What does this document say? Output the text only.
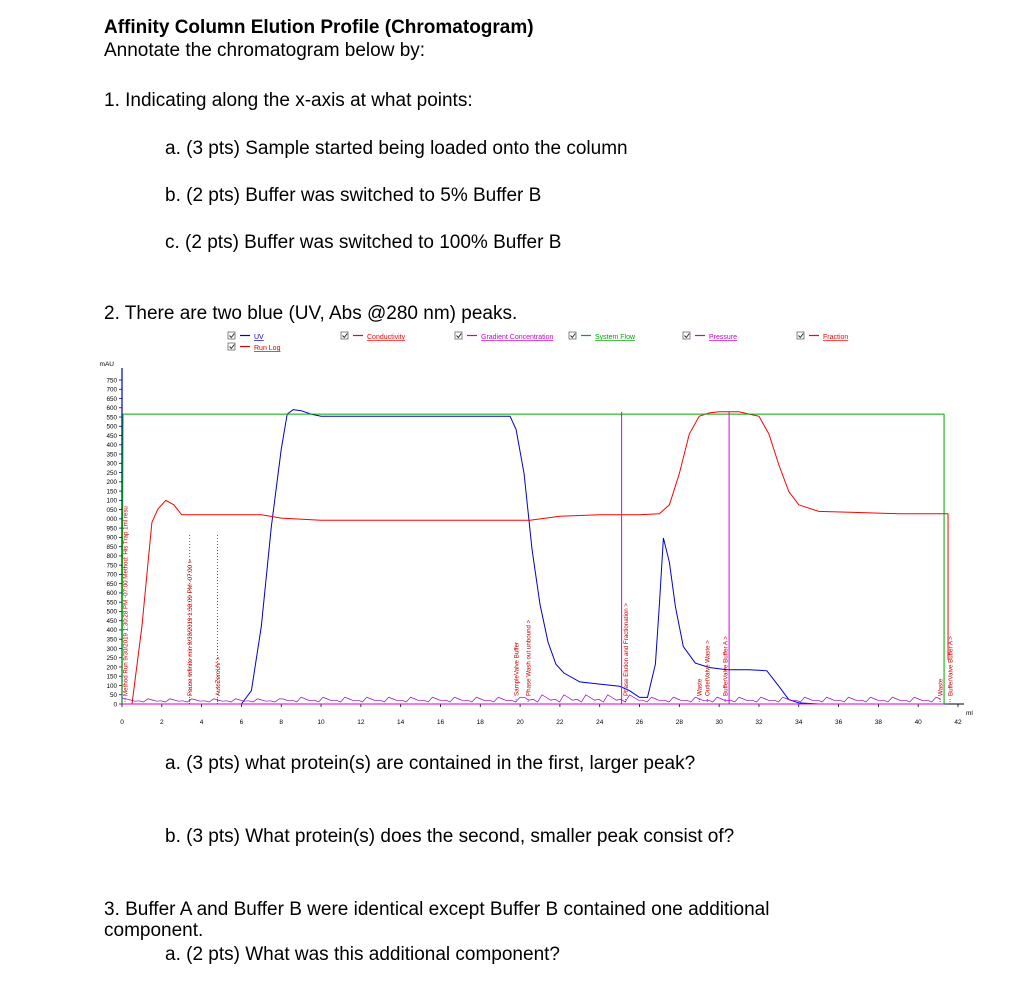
Affinity Column Elution Profile (Chromatogram)
Annotate the chromatogram below by:
1. Indicating along the x-axis at what points:
a. (3 pts) Sample started being loaded onto the column
b. (2 pts) Buffer was switched to 5% Buffer B
c. (2 pts) Buffer was switched to 100% Buffer B
2. There are two blue (UV, Abs @280 nm) peaks.
UV	Conductivity	Gradient Concentration	System Flow	Pressure	Fraction
Run Log
mAU
750
700
650
600
550
500
450
400
350
300
250
200
150
100
050
000
950
900
850
800
750
700
650
600
550
500
450
400
350
300
250
200
150
100
50
0
0	2	4	6	8	10	12	14	16	18	20	22	24	26	28	30	32	34	36	38	40	42
ml
Method Run 9/30/2019 1:30:28 PM -07:00 Method: His Trap 1ml resu	Pause Infinite min 9/30/2019 1:38:09 PM -07:00 >	AutoZeroUV >	SampleValve Buffer Phase Wash out unbound >	Phase Elution and Fractionation >	OutletValve Waste > BufferValve Buffer A >
Waste	BufferValve Buffer A >
Waste
a. (3 pts) what protein(s) are contained in the first, larger peak?
b. (3 pts) What protein(s) does the second, smaller peak consist of?
3. Buffer A and Buffer B were identical except Buffer B contained one additional
component.
a. (2 pts) What was this additional component?
